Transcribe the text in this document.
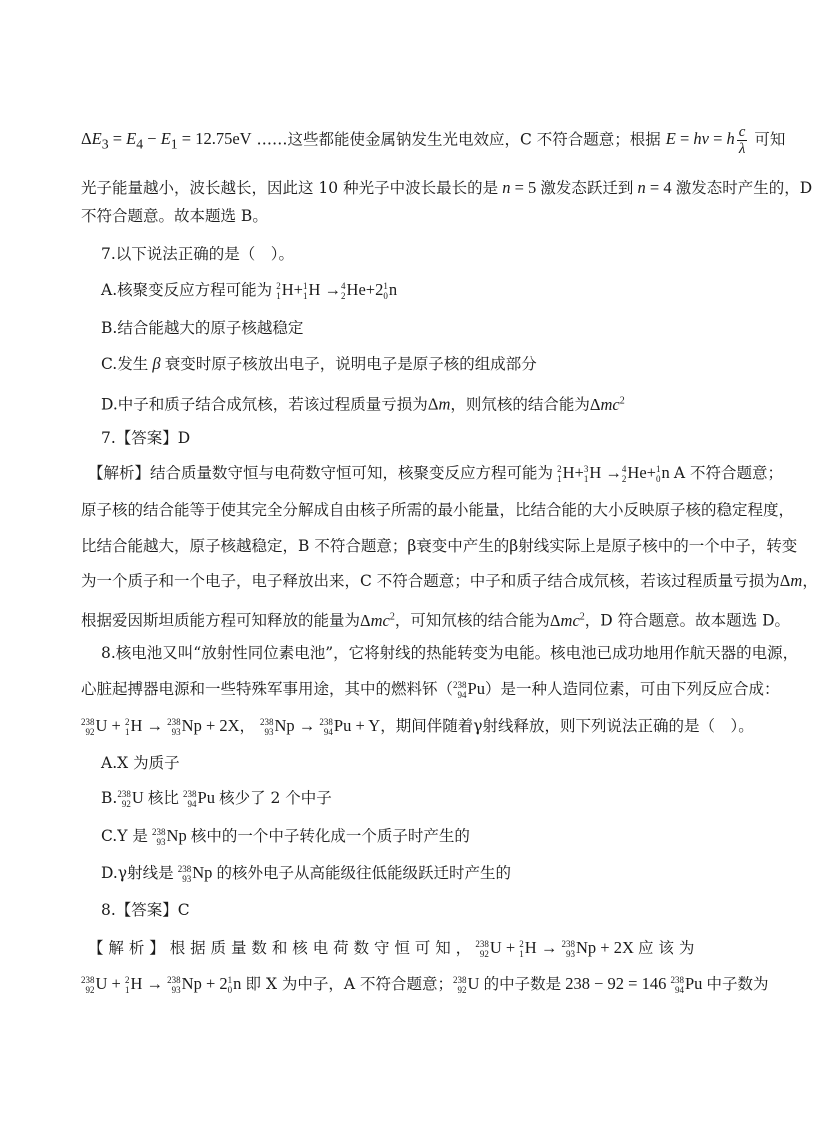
$\Delta E_3 = E_4 - E_1 = 12.75eV$ ……这些都能使金属钠发生光电效应，C 不符合题意；根据 E = hν = h $\frac{c}{\lambda}$ 可知
光子能量越小，波长越长，因此这 10 种光子中波长最长的是 n = 5 激发态跃迁到 n = 4 激发态时产生的，D
不符合题意。故本题选 B。
7.以下说法正确的是（　）。
A.核聚变反应方程可能为 2
1 H+ 1
1 H → 4
2 He+2 1
0 n
B.结合能越大的原子核越稳定
C.发生 β 衰变时原子核放出电子，说明电子是原子核的组成部分
D.中子和质子结合成氘核，若该过程质量亏损为Δm，则氘核的结合能为Δmc$^2$
7.【答案】D
【解析】结合质量数守恒与电荷数守恒可知，核聚变反应方程可能为 2
1 H+ 3
1 H → 4
2 He+ 1
0 n A 不符合题意；
原子核的结合能等于使其完全分解成自由核子所需的最小能量，比结合能的大小反映原子核的稳定程度，
比结合能越大，原子核越稳定，B 不符合题意；β衰变中产生的β射线实际上是原子核中的一个中子，转变
为一个质子和一个电子，电子释放出来，C 不符合题意；中子和质子结合成氘核，若该过程质量亏损为Δm，
根据爱因斯坦质能方程可知释放的能量为Δmc$^2$，可知氘核的结合能为Δmc$^2$，D 符合题意。故本题选 D。
8.核电池又叫“放射性同位素电池”，它将射线的热能转变为电能。核电池已成功地用作航天器的电源，
心脏起搏器电源和一些特殊军事用途，其中的燃料钚（ 238
94 Pu）是一种人造同位素，可由下列反应合成：
238
92 U + 2
1 H → 238
93 Np + 2X， 238
93 Np → 238
94 Pu + Y，期间伴随着γ射线释放，则下列说法正确的是（　）。
A.X 为质子
B. 238
92 U 核比 238
94 Pu 核少了 2 个中子
C.Y 是 238
93 Np 核中的一个中子转化成一个质子时产生的
D.γ射线是 238
93 Np 的核外电子从高能级往低能级跃迁时产生的
8.【答案】C
【 解 析 】 根 据 质 量 数 和 核 电 荷 数 守 恒 可 知 ， 238
92 U + 2
1 H → 238
93 Np + 2X 应 该 为
238
92 U + 2
1 H → 238
93 Np + 2 1
0 n 即 X 为中子，A 不符合题意； 238
92 U 的中子数是 238 − 92 = 146 238
94 Pu 中子数为
